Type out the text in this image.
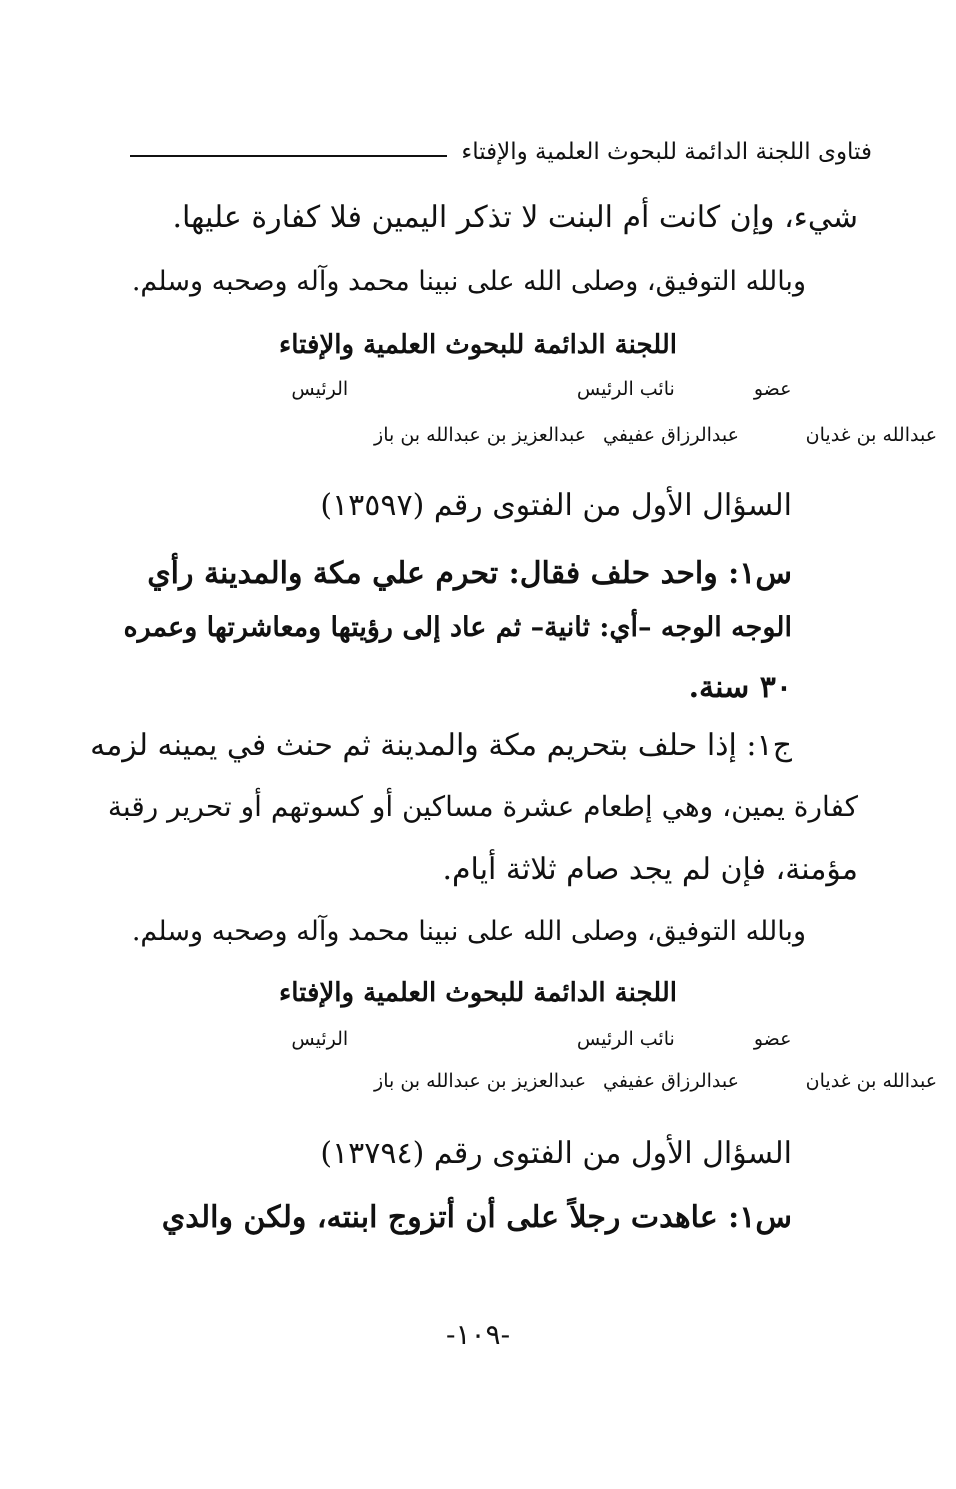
فتاوى اللجنة الدائمة للبحوث العلمية والإفتاء
شيء، وإن كانت أم البنت لا تذكر اليمين فلا كفارة عليها.
وبالله التوفيق، وصلى الله على نبينا محمد وآله وصحبه وسلم.
اللجنة الدائمة للبحوث العلمية والإفتاء
عضو
نائب الرئيس
الرئيس
عبدالله بن غديان
عبدالرزاق عفيفي
عبدالعزيز بن عبدالله بن باز
السؤال الأول من الفتوى رقم (١٣٥٩٧)
س١: واحد حلف فقال: تحرم علي مكة والمدينة رأي
الوجه الوجه –أي: ثانية– ثم عاد إلى رؤيتها ومعاشرتها وعمره
٣٠ سنة.
ج١: إذا حلف بتحريم مكة والمدينة ثم حنث في يمينه لزمه
كفارة يمين، وهي إطعام عشرة مساكين أو كسوتهم أو تحرير رقبة
مؤمنة، فإن لم يجد صام ثلاثة أيام.
وبالله التوفيق، وصلى الله على نبينا محمد وآله وصحبه وسلم.
اللجنة الدائمة للبحوث العلمية والإفتاء
عضو
نائب الرئيس
الرئيس
عبدالله بن غديان
عبدالرزاق عفيفي
عبدالعزيز بن عبدالله بن باز
السؤال الأول من الفتوى رقم (١٣٧٩٤)
س١: عاهدت رجلاً على أن أتزوج ابنته، ولكن والدي
-١٠٩-
